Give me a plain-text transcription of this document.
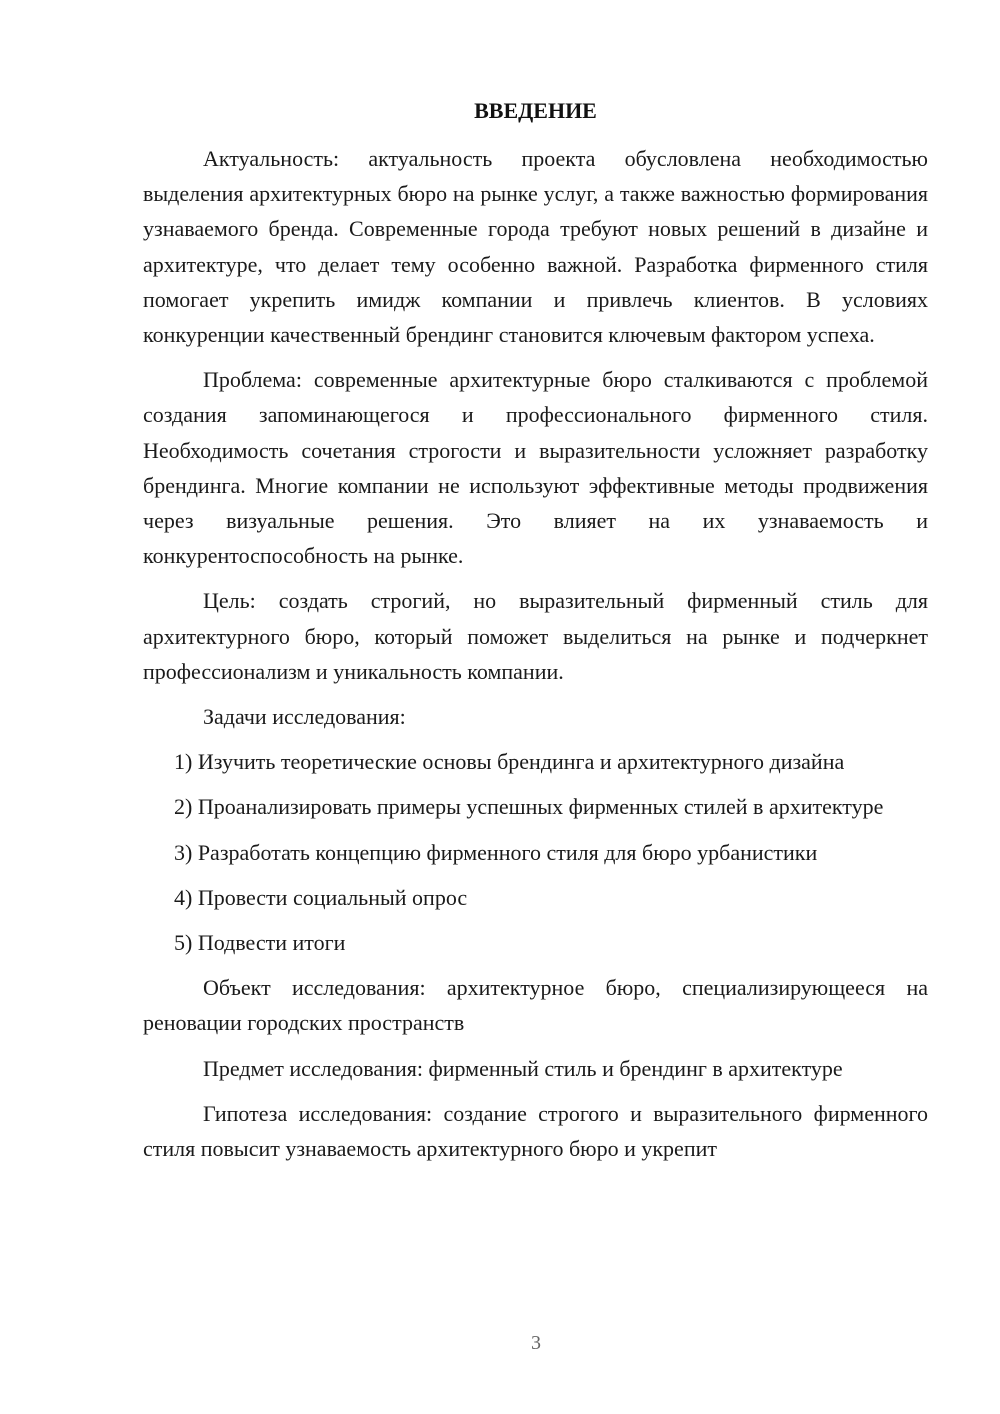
ВВЕДЕНИЕ

Актуальность: актуальность проекта обусловлена необходимостью выделения архитектурных бюро на рынке услуг, а также важностью формирования узнаваемого бренда. Современные города требуют новых решений в дизайне и архитектуре, что делает тему особенно важной. Разработка фирменного стиля помогает укрепить имидж компании и привлечь клиентов. В условиях конкуренции качественный брендинг становится ключевым фактором успеха.

Проблема: современные архитектурные бюро сталкиваются с проблемой создания запоминающегося и профессионального фирменного стиля. Необходимость сочетания строгости и выразительности усложняет разработку брендинга. Многие компании не используют эффективные методы продвижения через визуальные решения. Это влияет на их узнаваемость и конкурентоспособность на рынке.

Цель: создать строгий, но выразительный фирменный стиль для архитектурного бюро, который поможет выделиться на рынке и подчеркнет профессионализм и уникальность компании.

Задачи исследования:

1) Изучить теоретические основы брендинга и архитектурного дизайна

2) Проанализировать примеры успешных фирменных стилей в архитектуре

3) Разработать концепцию фирменного стиля для бюро урбанистики

4) Провести социальный опрос

5) Подвести итоги

Объект исследования: архитектурное бюро, специализирующееся на реновации городских пространств

Предмет исследования: фирменный стиль и брендинг в архитектуре

Гипотеза исследования: создание строгого и выразительного фирменного стиля повысит узнаваемость архитектурного бюро и укрепит

3
